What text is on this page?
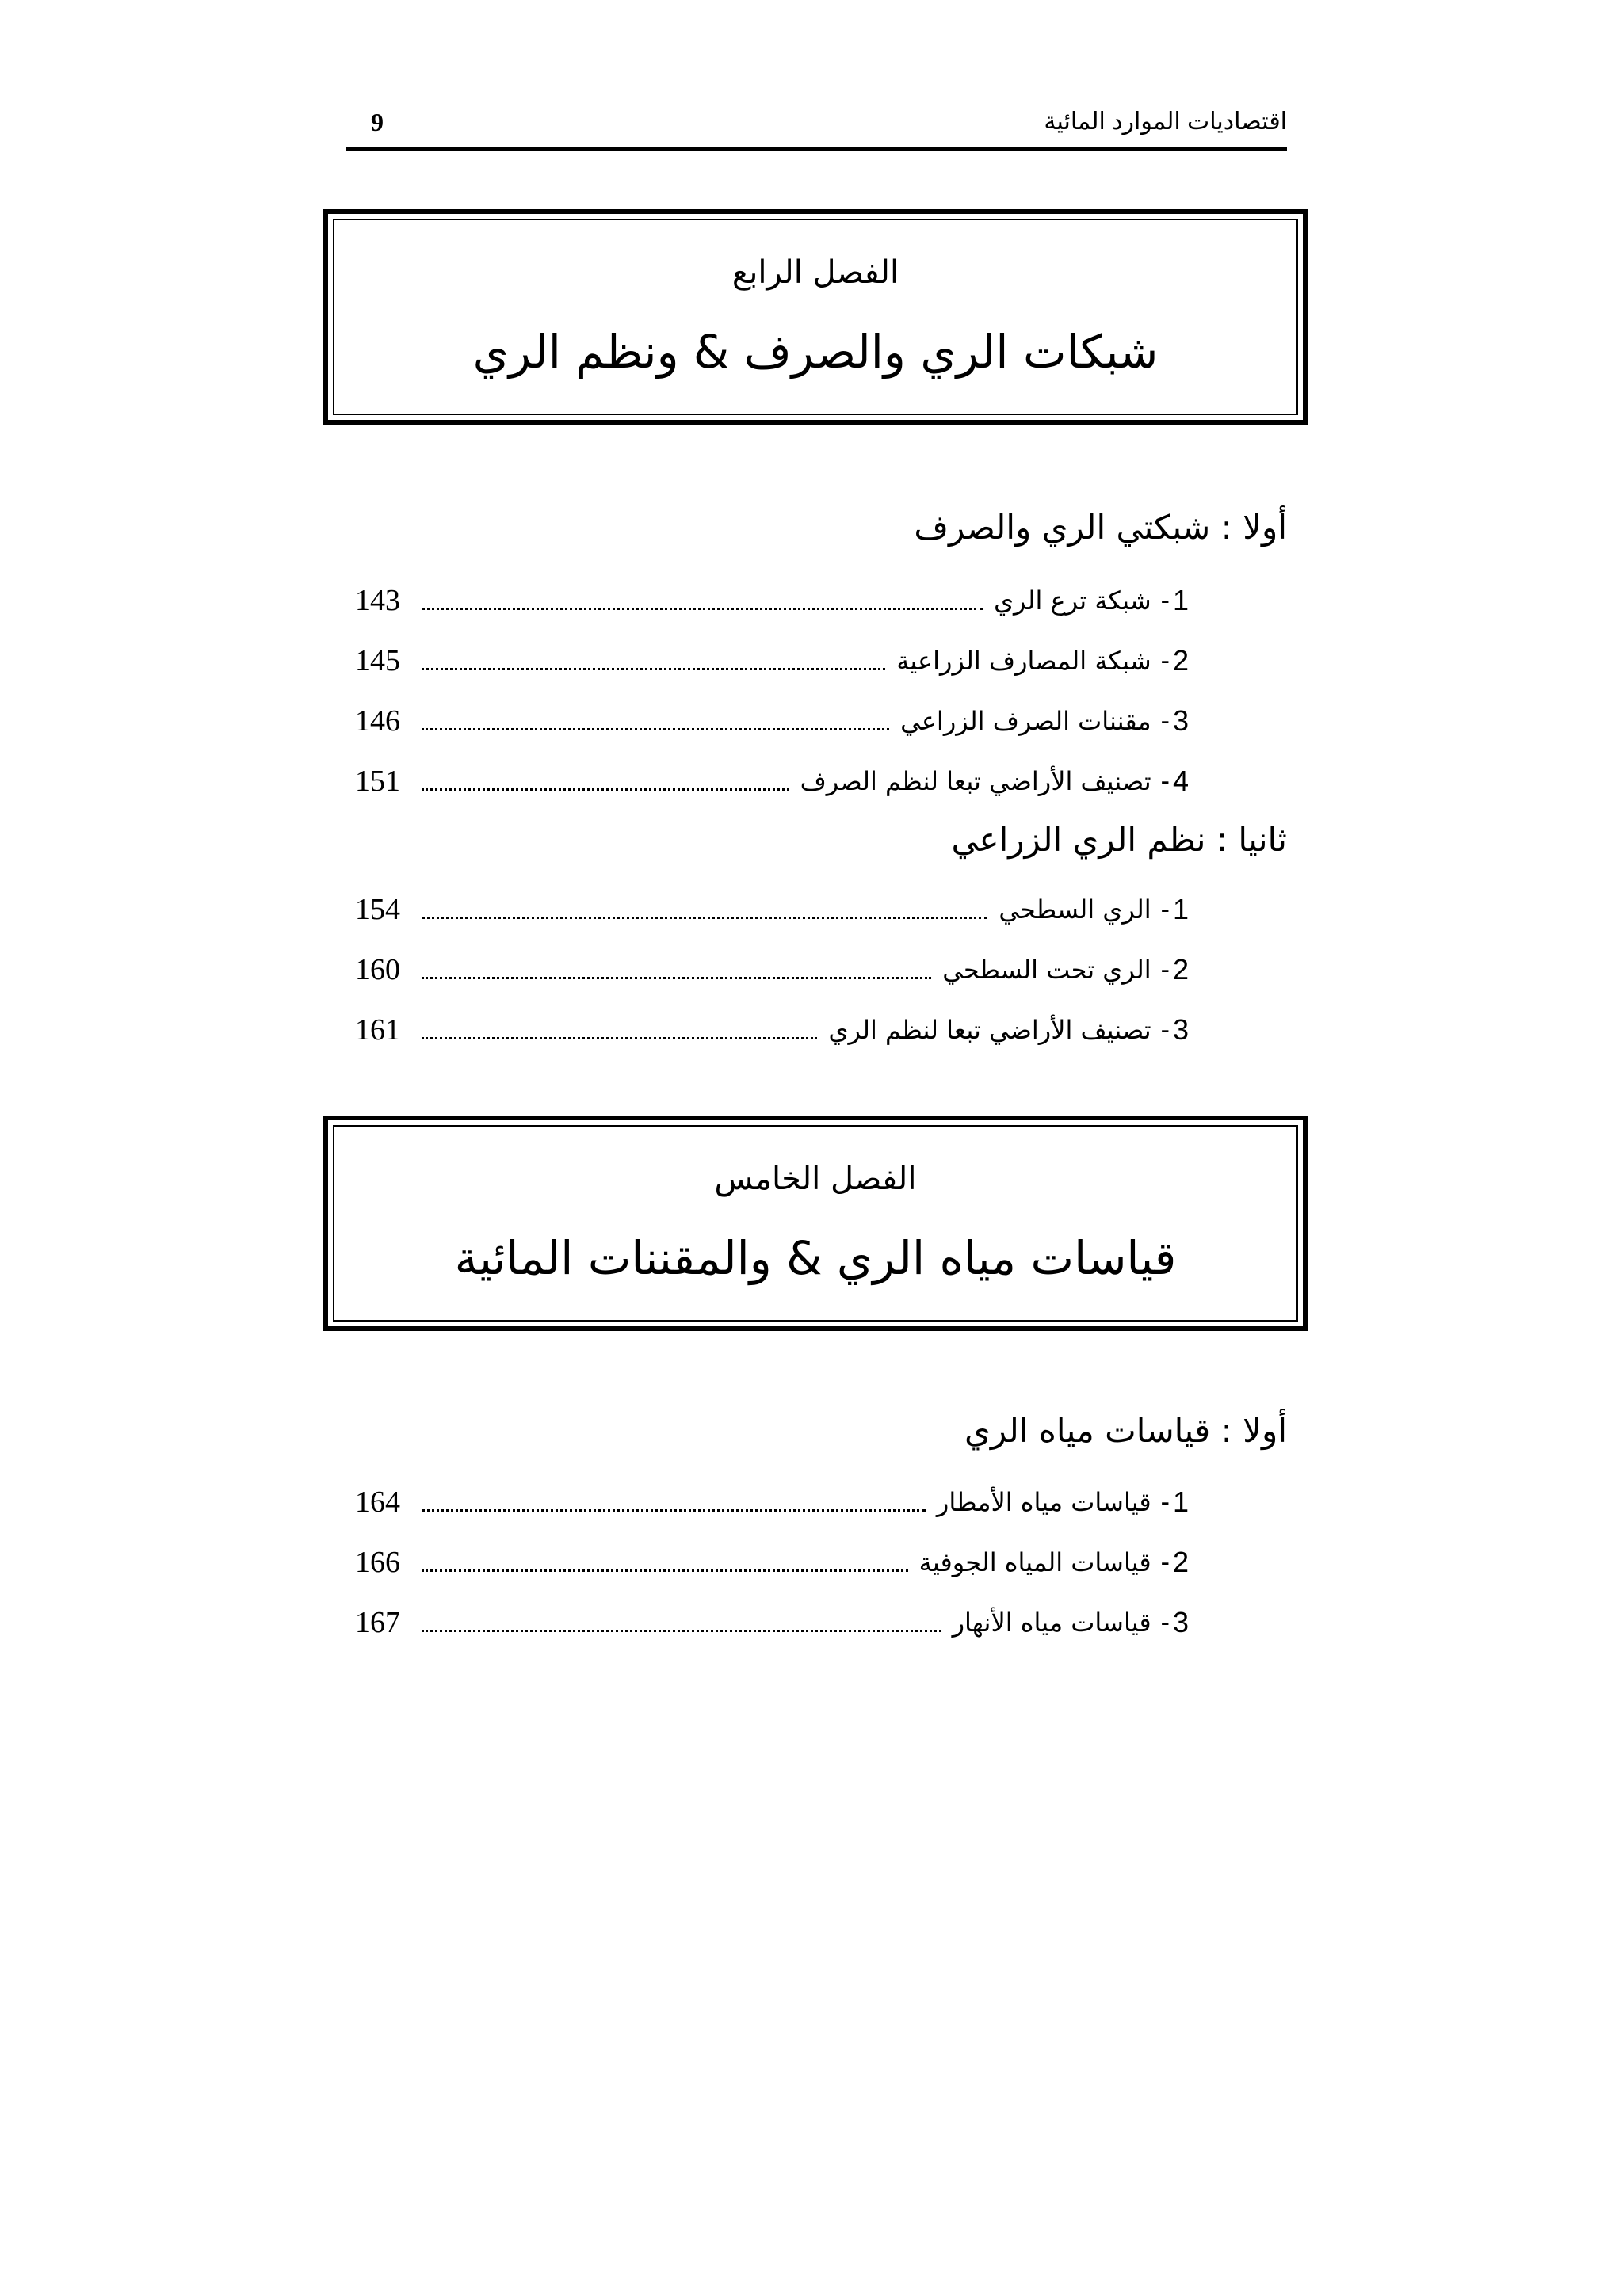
اقتصاديات الموارد المائية
9
الفصل الرابع
شبكات الري والصرف & ونظم الري
أولا : شبكتي الري والصرف
1
-
شبكة ترع الري
143
2
-
شبكة المصارف الزراعية
145
3
-
مقننات الصرف الزراعي
146
4
-
تصنيف الأراضي تبعا لنظم الصرف
151
ثانيا : نظم الري الزراعي
1
-
الري السطحي
154
2
-
الري تحت السطحي
160
3
-
تصنيف الأراضي تبعا لنظم الري
161
الفصل الخامس
قياسات مياه الري & والمقننات المائية
أولا : قياسات مياه الري
1
-
قياسات مياه الأمطار
164
2
-
قياسات المياه الجوفية
166
3
-
قياسات مياه الأنهار
167
